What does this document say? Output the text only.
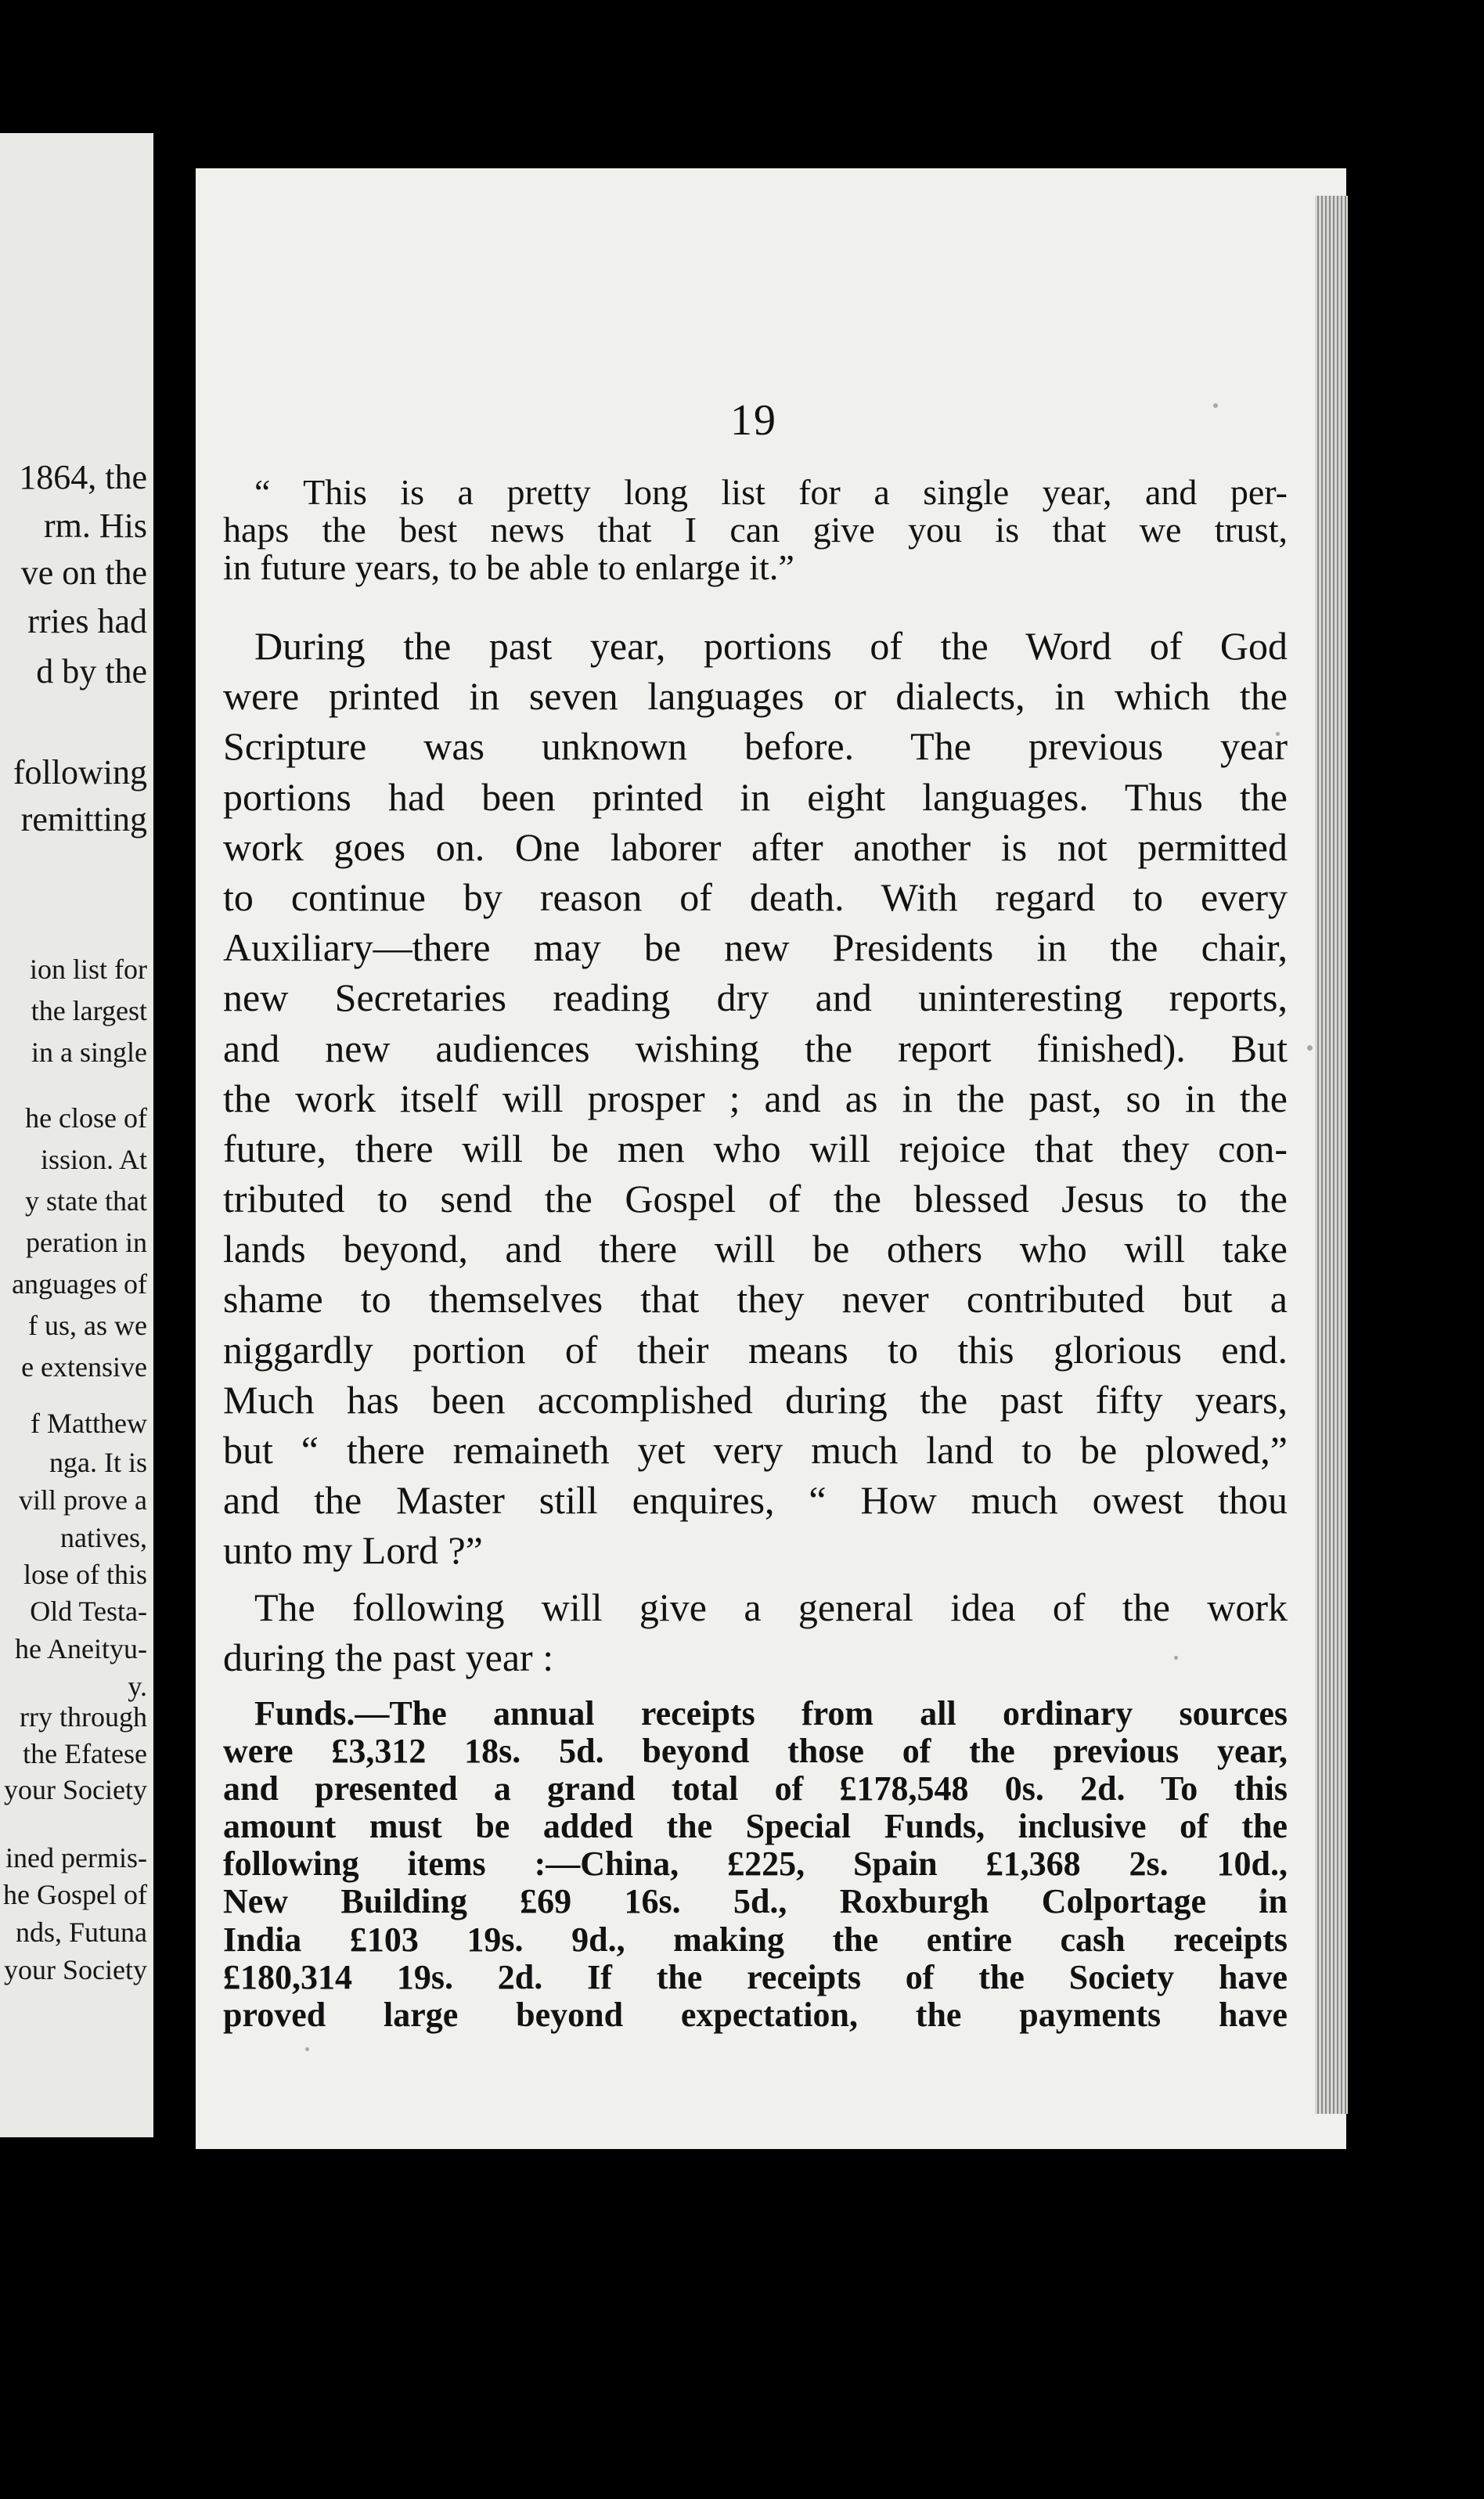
1864, the
rm. His
ve on the
rries had
d by the
following
remitting
ion list for
the largest
in a single
he close of
ission. At
y state that
peration in
anguages of
f us, as we
e extensive
f Matthew
nga. It is
vill prove a
natives,
lose of this
Old Testa-
he Aneityu-
y.
rry through
the Efatese
your Society
ined permis-
he Gospel of
nds, Futuna
your Society
19
“ This is a pretty long list for a single year, and per-
haps the best news that I can give you is that we trust,
in future years, to be able to enlarge it.”
During the past year, portions of the Word of God
were printed in seven languages or dialects, in which the
Scripture was unknown before. The previous year
portions had been printed in eight languages. Thus the
work goes on. One laborer after another is not permitted
to continue by reason of death. With regard to every
Auxiliary—there may be new Presidents in the chair,
new Secretaries reading dry and uninteresting reports,
and new audiences wishing the report finished). But
the work itself will prosper ; and as in the past, so in the
future, there will be men who will rejoice that they con-
tributed to send the Gospel of the blessed Jesus to the
lands beyond, and there will be others who will take
shame to themselves that they never contributed but a
niggardly portion of their means to this glorious end.
Much has been accomplished during the past fifty years,
but “ there remaineth yet very much land to be plowed,”
and the Master still enquires, “ How much owest thou
unto my Lord ?”
The following will give a general idea of the work
during the past year :
Funds.—The annual receipts from all ordinary sources
were £3,312 18s. 5d. beyond those of the previous year,
and presented a grand total of £178,548 0s. 2d. To this
amount must be added the Special Funds, inclusive of the
following items :—China, £225, Spain £1,368 2s. 10d.,
New Building £69 16s. 5d., Roxburgh Colportage in
India £103 19s. 9d., making the entire cash receipts
£180,314 19s. 2d. If the receipts of the Society have
proved large beyond expectation, the payments have
